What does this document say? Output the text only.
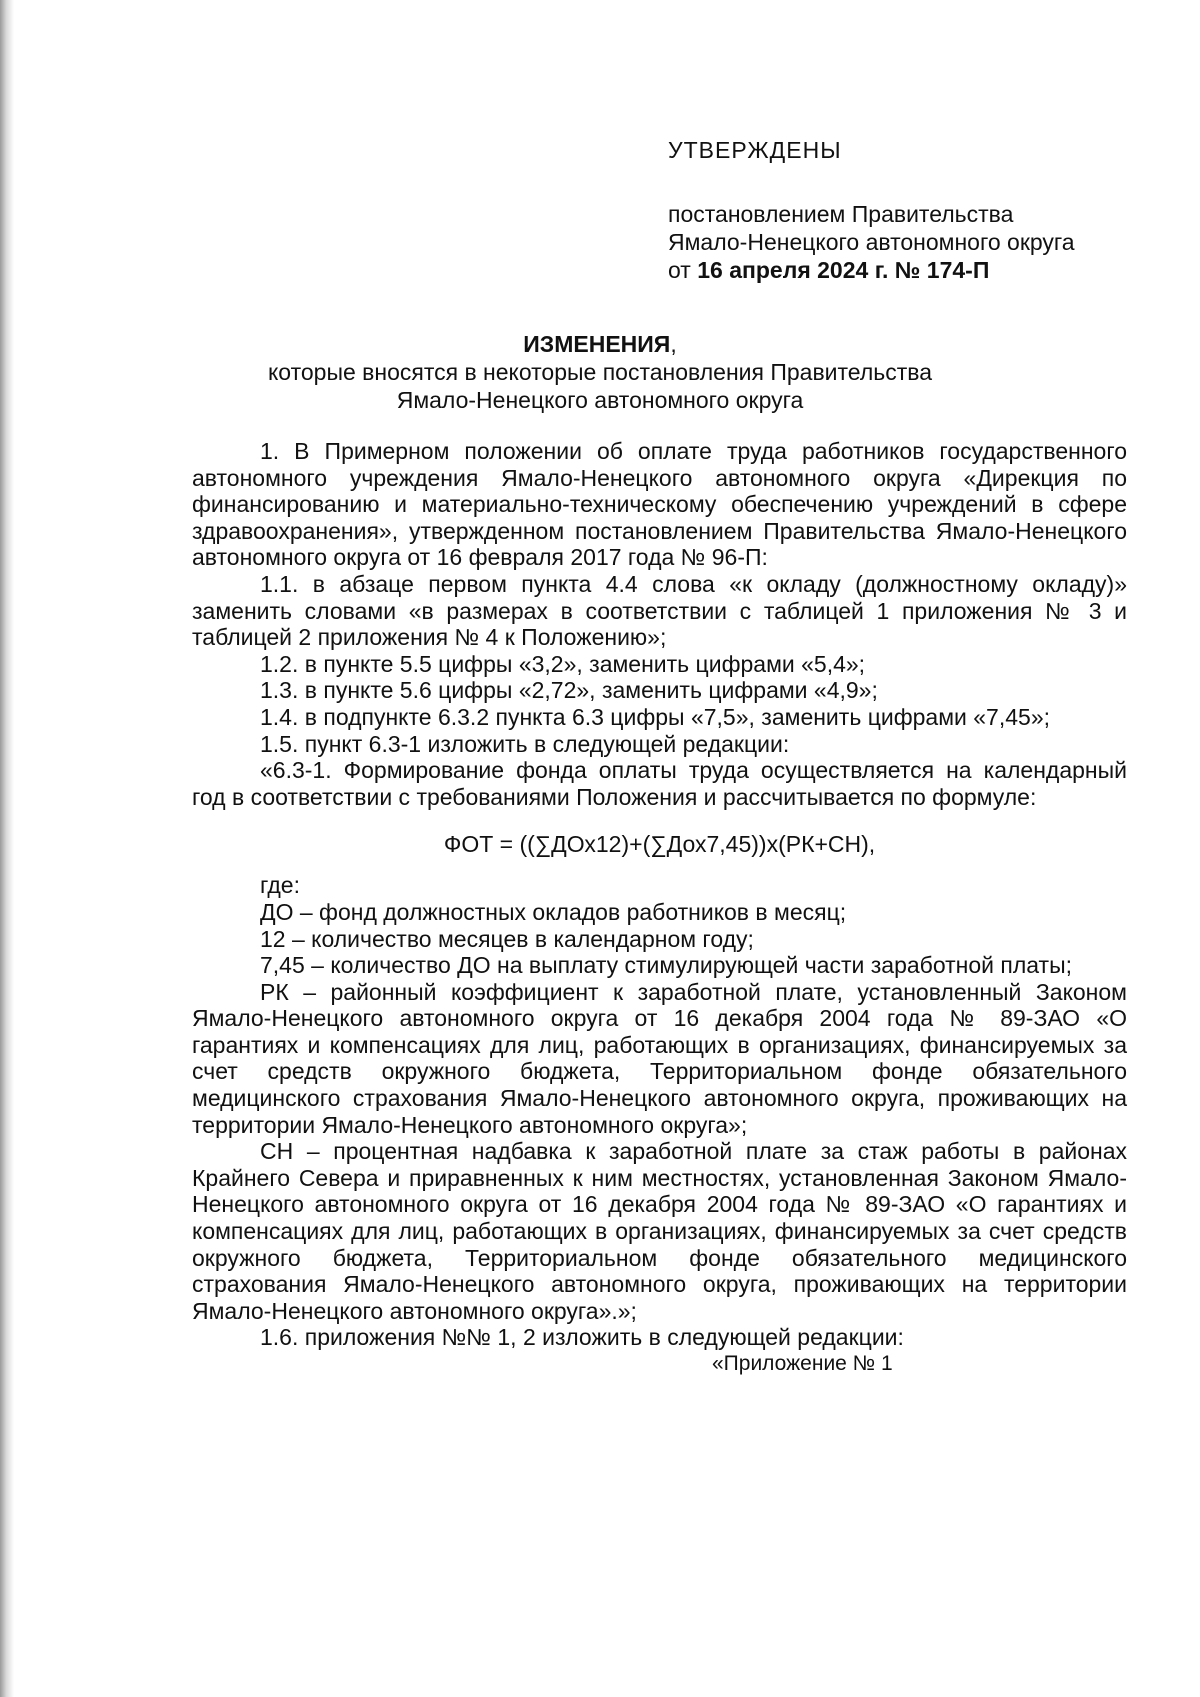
УТВЕРЖДЕНЫ
постановлением Правительства
Ямало-Ненецкого автономного округа
от 16 апреля 2024 г. № 174-П
ИЗМЕНЕНИЯ,
которые вносятся в некоторые постановления Правительства
Ямало-Ненецкого автономного округа

1. В Примерном положении об оплате труда работников государственного автономного учреждения Ямало-Ненецкого автономного округа «Дирекция по финансированию и материально-техническому обеспечению учреждений в сфере здравоохранения», утвержденном постановлением Правительства Ямало-Ненецкого автономного округа от 16 февраля 2017 года № 96-П:

1.1. в абзаце первом пункта 4.4 слова «к окладу (должностному окладу)» заменить словами «в размерах в соответствии с таблицей 1 приложения № 3 и таблицей 2 приложения № 4 к Положению»;

1.2. в пункте 5.5 цифры «3,2», заменить цифрами «5,4»;

1.3. в пункте 5.6 цифры «2,72», заменить цифрами «4,9»;

1.4. в подпункте 6.3.2 пункта 6.3 цифры «7,5», заменить цифрами «7,45»;

1.5. пункт 6.3-1 изложить в следующей редакции:

«6.3-1. Формирование фонда оплаты труда осуществляется на календарный год в соответствии с требованиями Положения и рассчитывается по формуле:

ФОТ = ((∑ДОх12)+(∑Дох7,45))х(РК+СН),

где:

ДО – фонд должностных окладов работников в месяц;

12 – количество месяцев в календарном году;

7,45 – количество ДО на выплату стимулирующей части заработной платы;

РК – районный коэффициент к заработной плате, установленный Законом Ямало-Ненецкого автономного округа от 16 декабря 2004 года № 89-ЗАО «О гарантиях и компенсациях для лиц, работающих в организациях, финансируемых за счет средств окружного бюджета, Территориальном фонде обязательного медицинского страхования Ямало-Ненецкого автономного округа, проживающих на территории Ямало-Ненецкого автономного округа»;

СН – процентная надбавка к заработной плате за стаж работы в районах Крайнего Севера и приравненных к ним местностях, установленная Законом Ямало-Ненецкого автономного округа от 16 декабря 2004 года № 89-ЗАО «О гарантиях и компенсациях для лиц, работающих в организациях, финансируемых за счет средств окружного бюджета, Территориальном фонде обязательного медицинского страхования Ямало-Ненецкого автономного округа, проживающих на территории Ямало-Ненецкого автономного округа».»;

1.6. приложения №№ 1, 2 изложить в следующей редакции:

«Приложение № 1
